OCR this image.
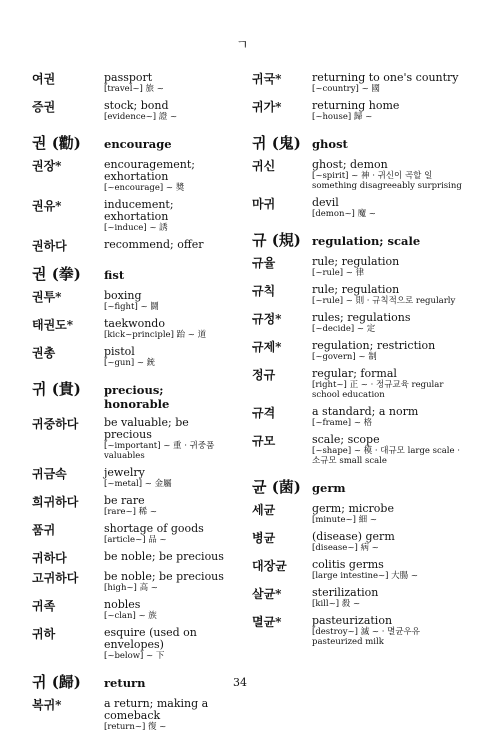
ㄱ
여권	passport
[travel~] 旅 ~
증권	stock; bond
[evidence~] 證 ~
권 (勸)	encourage
권장*	encouragement; exhortation
[~encourage] ~ 奬
권유*	inducement; exhortation
[~induce] ~ 誘
권하다	recommend; offer
권 (拳)	fist
권투*	boxing
[~fight] ~ 鬪
태권도*	taekwondo
[kick~principle] 跆 ~ 道
권총	pistol
[~gun] ~ 銃
귀 (貴)	precious; honorable
귀중하다	be valuable; be precious
[~important] ~ 重 · 귀중품 valuables
귀금속	jewelry
[~metal] ~ 金屬
희귀하다	be rare
[rare~] 稀 ~
품귀	shortage of goods
[article~] 品 ~
귀하다	be noble; be precious
고귀하다	be noble; be precious
[high~] 高 ~
귀족	nobles
[~clan] ~ 族
귀하	esquire (used on envelopes)
[~below] ~ 下
귀 (歸)	return
복귀*	a return; making a comeback
[return~] 復 ~
귀국*	returning to one's country
[~country] ~ 國
귀가*	returning home
[~house] 歸 ~
귀 (鬼) ghost
귀신	ghost; demon
[~spirit] ~ 神 · 귀신이 곡할 일 something disagreeably surprising
마귀	devil
[demon~] 魔 ~
규 (規) regulation; scale
규율	rule; regulation
[~rule] ~ 律
규칙	rule; regulation
[~rule] ~ 則 · 규칙적으로 regularly
규정*	rules; regulations
[~decide] ~ 定
규제*	regulation; restriction
[~govern] ~ 制
정규	regular; formal
[right~] 正 ~ · 정규교육 regular school education
규격	a standard; a norm
[~frame] ~ 格
규모	scale; scope
[~shape] ~ 模 · 대규모 large scale · 소규모 small scale
균 (菌) germ
세균	germ; microbe
[minute~] 細 ~
병균	(disease) germ
[disease~] 病 ~
대장균	colitis germs
[large intestine~] 大腸 ~
살균*	sterilization
[kill~] 殺 ~
멸균*	pasteurization
[destroy~] 滅 ~ · 멸균우유 pasteurized milk
34
